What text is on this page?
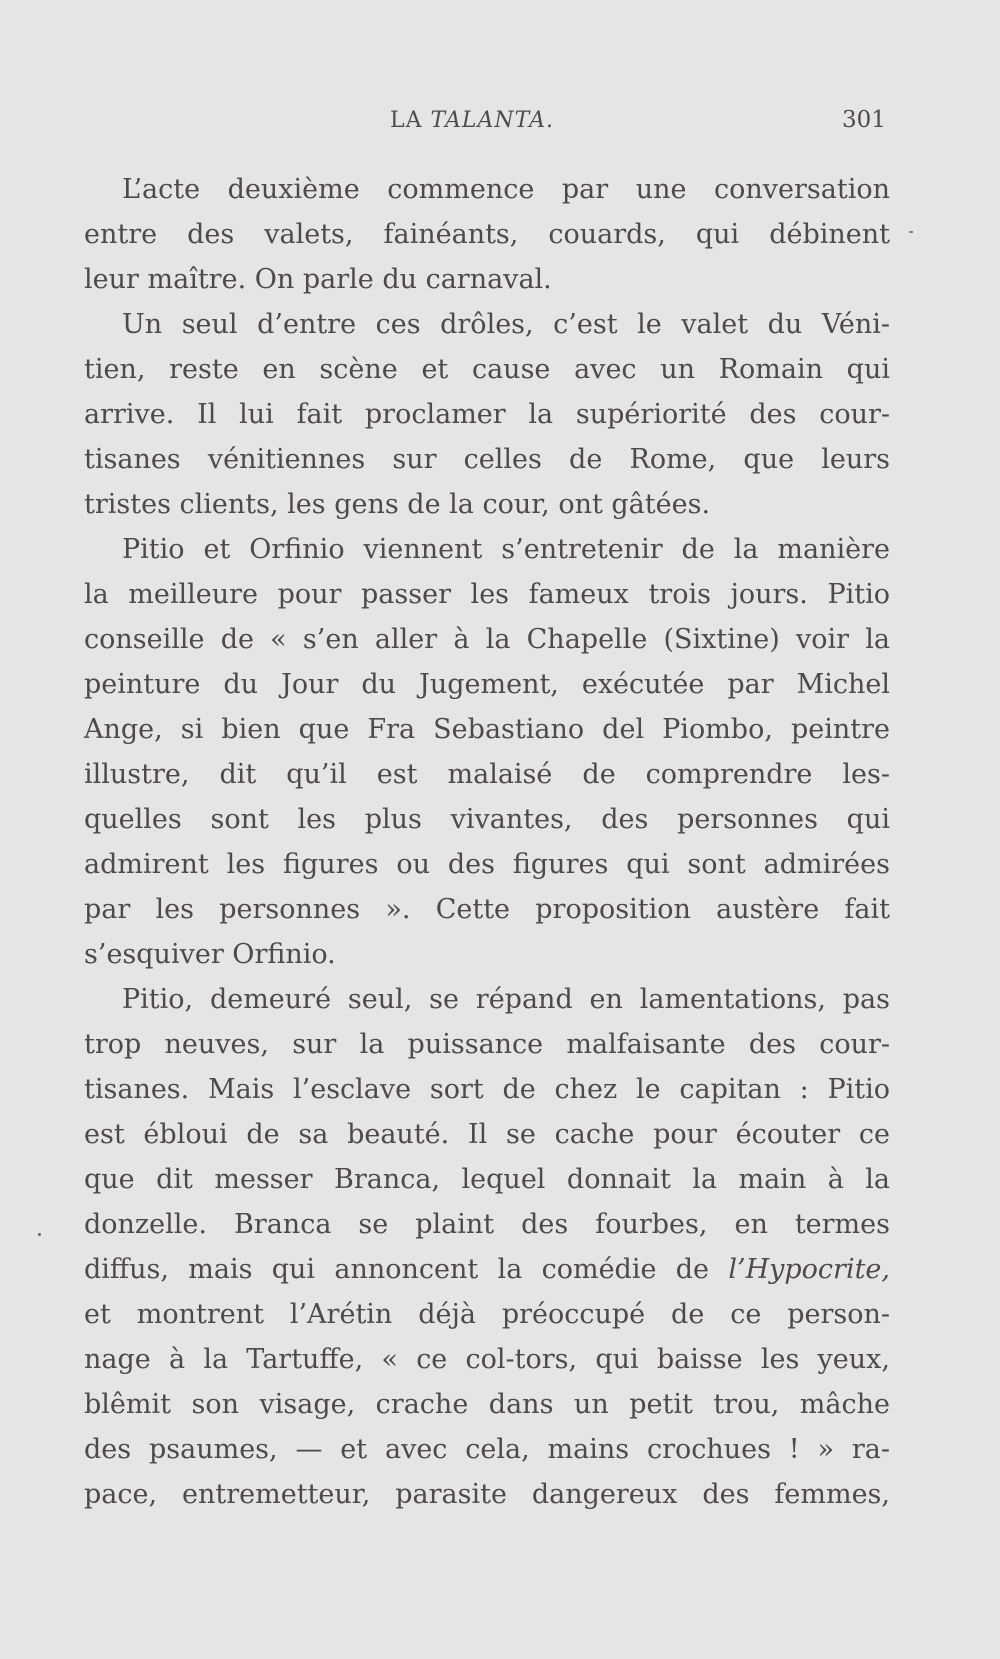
LA TALANTA.	301
L’acte deuxième commence par une conversation
entre des valets, fainéants, couards, qui débinent
leur maître. On parle du carnaval.
Un seul d’entre ces drôles, c’est le valet du Véni-
tien, reste en scène et cause avec un Romain qui
arrive. Il lui fait proclamer la supériorité des cour-
tisanes vénitiennes sur celles de Rome, que leurs
tristes clients, les gens de la cour, ont gâtées.
Pitio et Orfinio viennent s’entretenir de la manière
la meilleure pour passer les fameux trois jours. Pitio
conseille de « s’en aller à la Chapelle (Sixtine) voir la
peinture du Jour du Jugement, exécutée par Michel
Ange, si bien que Fra Sebastiano del Piombo, peintre
illustre, dit qu’il est malaisé de comprendre les-
quelles sont les plus vivantes, des personnes qui
admirent les figures ou des figures qui sont admirées
par les personnes ». Cette proposition austère fait
s’esquiver Orfinio.
Pitio, demeuré seul, se répand en lamentations, pas
trop neuves, sur la puissance malfaisante des cour-
tisanes. Mais l’esclave sort de chez le capitan : Pitio
est ébloui de sa beauté. Il se cache pour écouter ce
que dit messer Branca, lequel donnait la main à la
donzelle. Branca se plaint des fourbes, en termes
diffus, mais qui annoncent la comédie de l’Hypocrite,
et montrent l’Arétin déjà préoccupé de ce person-
nage à la Tartuffe, « ce col-tors, qui baisse les yeux,
blêmit son visage, crache dans un petit trou, mâche
des psaumes, — et avec cela, mains crochues ! » ra-
pace, entremetteur, parasite dangereux des femmes,
